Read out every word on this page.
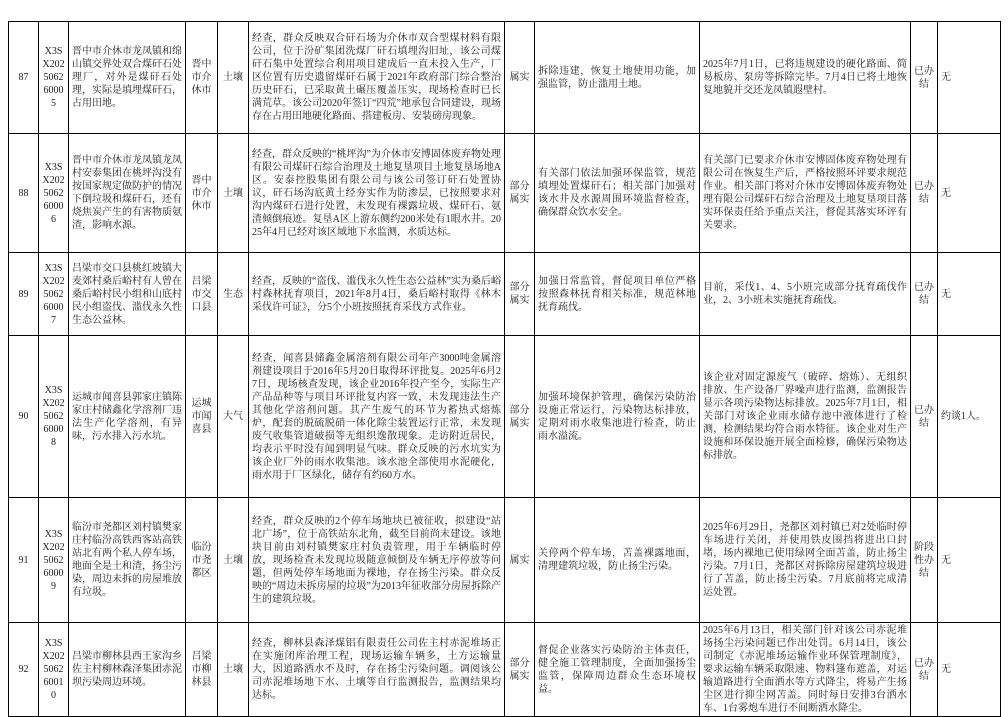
87	X3SX202506260005	晋中市介休市龙凤镇和绵山镇交界处双合煤矸石处理厂，对外是煤矸石处理，实际是填埋煤矸石，占用田地。	晋中市介休市	土壤	经查，群众反映双合矸石场为介休市双合型煤材料有限公司，位于汾矿集团洗煤厂矸石填埋沟旧址，该公司煤矸石集中处置综合利用项目建成后一直未投入生产，厂区位置有历史遗留煤矸石属于2021年政府部门综合整治历史矸石，已采取黄土碾压覆盖压实，现场检查时已长满荒草。该公司2020年签订“四荒”地承包合同建设，现场存在占用田地硬化路面、搭建板房、安装磅房现象。	属实	拆除违建，恢复土地使用功能，加强监管，防止滥用土地。	2025年7月1日，已将违规建设的硬化路面、简易板房、泵房等拆除完毕。7月4日已将土地恢复地貌并交还龙凤镇遐壁村。	已办结	无
88	X3SX202506260006	晋中市介休市龙凤镇龙凤村安泰集团在桃坪沟没有按国家规定做防护的情况下倒垃圾和煤矸石，还有烧焦炭产生的有害物质氨渣，影响水源。	晋中市介休市	土壤	经查，群众反映的“桃坪沟”为介休市安博固体废弃物处理有限公司煤矸石综合治理及土地复垦项目土地复垦场地A区。安泰控股集团有限公司与该公司签订矸石处置协议，矸石场沟底黄土经夯实作为防渗层，已按照要求对沟内煤矸石进行处置，未发现有裸露垃圾、煤矸石、氨渣倾倒痕迹。复垦A区上游东侧约200米处有1眼水井。2025年4月已经对该区域地下水监测，水质达标。	部分属实	有关部门依法加强环保监管，规范填埋处置煤矸石；相关部门加强对该水井及水源周围环境监督检查，确保群众饮水安全。	有关部门已要求介休市安博固体废弃物处理有限公司在恢复生产后，严格按照环评要求规范作业。相关部门将对介休市安博固体废弃物处理有限公司煤矸石综合治理及土地复垦项目落实环保责任给予重点关注，督促其落实环评有关要求。	已办结	无
89	X3SX202506260007	吕梁市交口县桃红坡镇大麦郊村桑后峪村有人曾在桑后峪村民小组和山底村民小组盗伐、滥伐永久性生态公益林。	吕梁市交口县	生态	经查，反映的“盗伐、滥伐永久性生态公益林”实为桑后峪村森林抚育项目，2021年8月4日，桑后峪村取得《林木采伐许可证》，分5个小班按照抚育采伐方式作业。	部分属实	加强日常监管，督促项目单位严格按照森林抚育相关标准，规范林地抚育疏伐。	目前，采伐1、4、5小班完成部分抚育疏伐作业，2、3小班未实施抚育疏伐。	已办结	无
90	X3SX202506260008	运城市闻喜县郭家庄镇陈家庄村储鑫化学溶剂厂违法生产化学溶剂，有异味，污水排入污水坑。	运城市闻喜县	大气	经查，闻喜县储鑫金属溶剂有限公司年产3000吨金属溶剂建设项目于2016年5月20日取得环评批复。2025年6月27日，现场核查发现，该企业2016年投产至今，实际生产产品品种等与项目环评批复内容一致，未发现违法生产其他化学溶剂问题。其产生废气的环节为蓄热式熔炼炉，配套的脱硫脱硝一体化除尘装置运行正常，未发现废气收集管道破损等无组织逸散现象。走访附近居民，均表示平时没有闻到明显气味。群众反映的污水坑实为该企业厂外的雨水收集池。该水池全部使用水泥硬化，雨水用于厂区绿化，储存有约60方水。	部分属实	加强环境保护管理，确保污染防治设施正常运行，污染物达标排放，定期对雨水收集池进行检查，防止雨水溢流。	该企业对固定源废气（破碎、熔炼）、无组织排放、生产设备厂界噪声进行监测，监测报告显示各项污染物达标排放。2025年7月1日，相关部门对该企业雨水储存池中液体进行了检测，检测结果均符合雨水特征。该企业对生产设施和环保设施开展全面检修，确保污染物达标排放。	已办结	约谈1人。
91	X3SX202506260009	临汾市尧都区刘村镇樊家庄村临汾高铁西客站高铁站北有两个私人停车场，地面全是土和渣，扬尘污染，周边未拆的房屋堆放有垃圾。	临汾市尧都区	土壤	经查，群众反映的2个停车场地块已被征收，拟建设“站北广场”，位于高铁站东北角，截至目前尚未建设。该地块目前由刘村镇樊家庄村负责管理，用于车辆临时停放，现场检查未发现垃圾随意倾倒及车辆无序停放等问题，但两处停车场地面为裸地，存在扬尘污染。群众反映的“周边未拆房屋的垃圾”为2013年征收部分房屋拆除产生的建筑垃圾。	属实	关停两个停车场，苫盖裸露地面，清理建筑垃圾，防止扬尘污染。	2025年6月29日，尧都区刘村镇已对2处临时停车场进行关闭，并使用铁皮围挡将进出口封堵，场内裸地已使用绿网全面苫盖，防止扬尘污染。7月1日，尧都区对拆除房屋建筑垃圾进行了苫盖，防止扬尘污染。7月底前将完成清运处置。	阶段性办结	无
92	X3SX202506260010	吕梁市柳林县西王家沟乡佐主村柳林森泽集团赤泥坝污染周边环境。	吕梁市柳林县	土壤	经查，柳林县森泽煤铝有限责任公司佐主村赤泥堆场正在实施闭库治理工程，现场运输车辆多，土方运输量大，因道路洒水不及时，存在扬尘污染问题。调阅该公司赤泥堆场地下水、土壤等自行监测报告，监测结果均达标。	部分属实	督促企业落实污染防治主体责任，健全施工管理制度，全面加强扬尘监管，保障周边群众生态环境权益。	2025年6月13日，相关部门针对该公司赤泥堆场扬尘污染问题已作出处罚。6月14日，该公司制定《赤泥堆场运输作业环保管理制度》，要求运输车辆采取限速、物料篷布遮盖，对运输道路进行全面洒水等方式降尘，将易产生扬尘区进行抑尘网苫盖。同时每日安排3台洒水车、1台雾炮车进行不间断洒水降尘。	已办结	无
